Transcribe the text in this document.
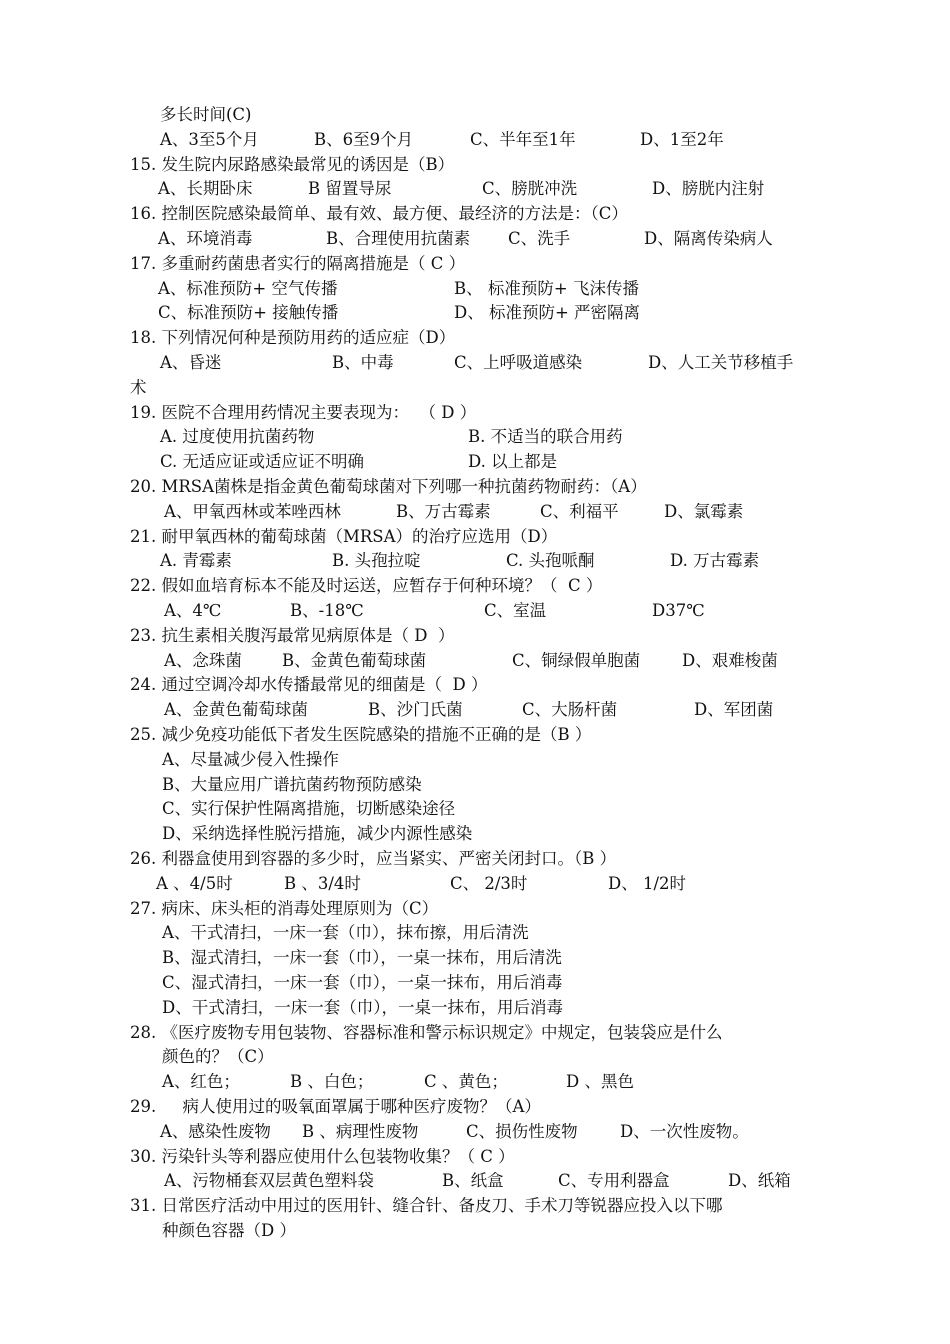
多长时间(C)
A、3至5个月	B、6至9个月	C、半年至1年	D、1至2年
15. 发生院内尿路感染最常见的诱因是（B）
A、长期卧床	B 留置导尿	C、膀胱冲洗	D、膀胱内注射
16. 控制医院感染最简单、最有效、最方便、最经济的方法是：（C）
A、环境消毒	B、合理使用抗菌素 C、洗手	D、隔离传染病人
17. 多重耐药菌患者实行的隔离措施是（ C ）
A、标准预防+ 空气传播	B、 标准预防+ 飞沫传播
C、标准预防+ 接触传播	D、 标准预防+ 严密隔离
18. 下列情况何种是预防用药的适应症（D）
A、昏迷	B、中毒	C、上呼吸道感染	D、人工关节移植手
术
19. 医院不合理用药情况主要表现为：  （ D ）
A. 过度使用抗菌药物	B. 不适当的联合用药
C. 无适应证或适应证不明确	D. 以上都是
20. MRSA菌株是指金黄色葡萄球菌对下列哪一种抗菌药物耐药：（A）
A、甲氧西林或苯唑西林	B、万古霉素	C、利福平	D、氯霉素
21. 耐甲氧西林的葡萄球菌（MRSA）的治疗应选用（D）
A. 青霉素	B. 头孢拉啶	C. 头孢哌酮	D. 万古霉素
22. 假如血培育标本不能及时运送，应暂存于何种环境？（  C ）
A、4℃	B、-18℃	C、室温	D37℃
23. 抗生素相关腹泻最常见病原体是（ D  ）
A、念珠菌 B、金黄色葡萄球菌	C、铜绿假单胞菌	D、艰难梭菌
24. 通过空调冷却水传播最常见的细菌是（  D ）
A、金黄色葡萄球菌	B、沙门氏菌	C、大肠杆菌	D、军团菌
25. 减少免疫功能低下者发生医院感染的措施不正确的是（B ）
A、尽量减少侵入性操作
B、大量应用广谱抗菌药物预防感染
C、实行保护性隔离措施，切断感染途径
D、采纳选择性脱污措施，减少内源性感染
26. 利器盒使用到容器的多少时，应当紧实、严密关闭封口。（B ）
A 、4/5时	B 、3/4时	C、 2/3时	D、 1/2时
27. 病床、床头柜的消毒处理原则为（C）
A、干式清扫，一床一套（巾），抹布擦，用后清洗
B、湿式清扫，一床一套（巾），一桌一抹布，用后清洗
C、湿式清扫，一床一套（巾），一桌一抹布，用后消毒
D、干式清扫，一床一套（巾），一桌一抹布，用后消毒
28. 《医疗废物专用包装物、容器标准和警示标识规定》中规定，包装袋应是什么
颜色的？（C）
A、红色；	B 、白色；	C 、黄色；	D 、黑色
29.     病人使用过的吸氧面罩属于哪种医疗废物？（A）
A、感染性废物 B 、病理性废物	C、损伤性废物	D、一次性废物。
30. 污染针头等利器应使用什么包装物收集？（ C ）
A、污物桶套双层黄色塑料袋	B、纸盒	C、专用利器盒	D、纸箱
31. 日常医疗活动中用过的医用针、缝合针、备皮刀、手术刀等锐器应投入以下哪
种颜色容器（D ）
